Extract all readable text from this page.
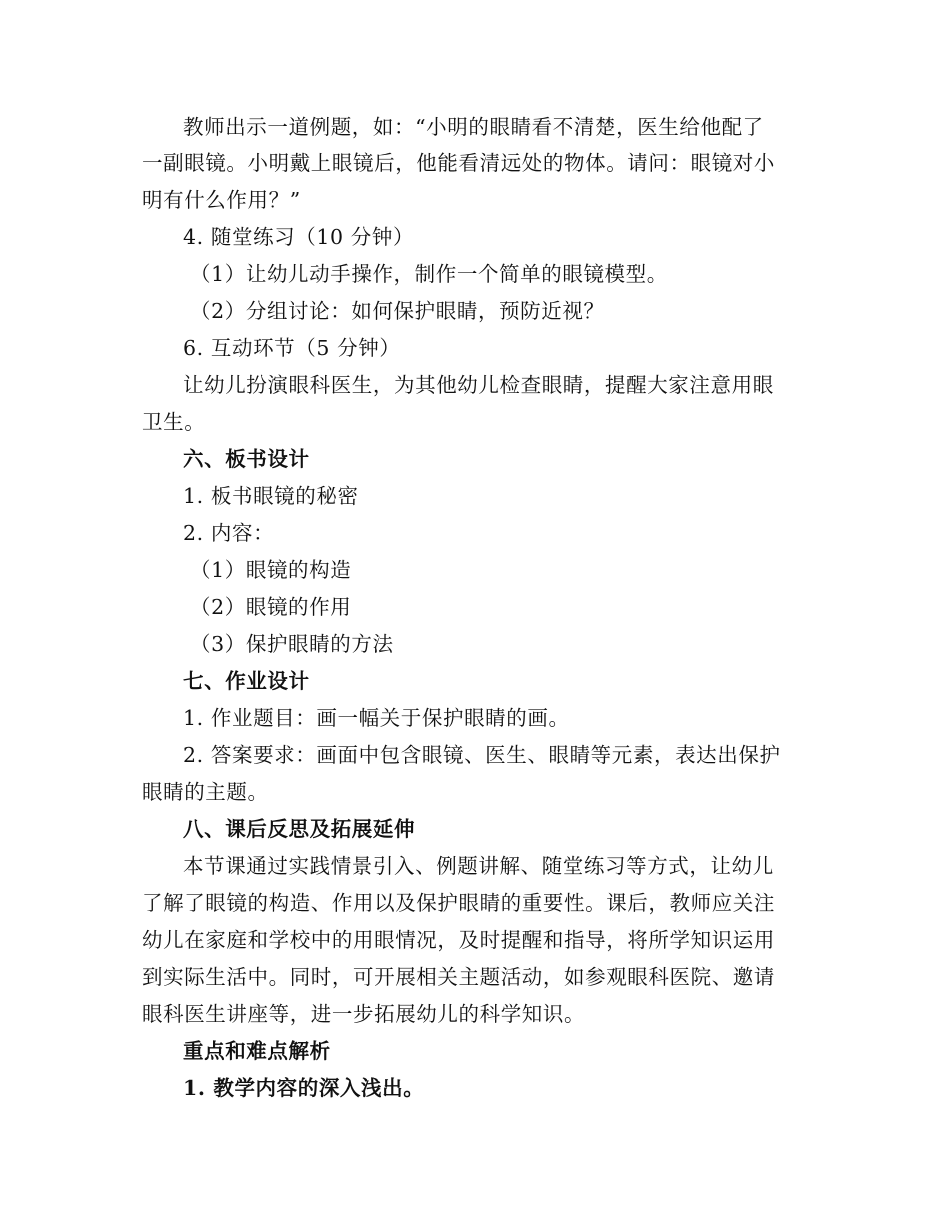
教师出示一道例题，如：“小明的眼睛看不清楚，医生给他配了
一副眼镜。小明戴上眼镜后，他能看清远处的物体。请问：眼镜对小
明有什么作用？”
4. 随堂练习（10 分钟）
（1）让幼儿动手操作，制作一个简单的眼镜模型。
（2）分组讨论：如何保护眼睛，预防近视？
6. 互动环节（5 分钟）
让幼儿扮演眼科医生，为其他幼儿检查眼睛，提醒大家注意用眼
卫生。
六、板书设计
1. 板书眼镜的秘密
2. 内容：
（1）眼镜的构造
（2）眼镜的作用
（3）保护眼睛的方法
七、作业设计
1. 作业题目：画一幅关于保护眼睛的画。
2. 答案要求：画面中包含眼镜、医生、眼睛等元素，表达出保护
眼睛的主题。
八、课后反思及拓展延伸
本节课通过实践情景引入、例题讲解、随堂练习等方式，让幼儿
了解了眼镜的构造、作用以及保护眼睛的重要性。课后，教师应关注
幼儿在家庭和学校中的用眼情况，及时提醒和指导，将所学知识运用
到实际生活中。同时，可开展相关主题活动，如参观眼科医院、邀请
眼科医生讲座等，进一步拓展幼儿的科学知识。
重点和难点解析
1. 教学内容的深入浅出。
